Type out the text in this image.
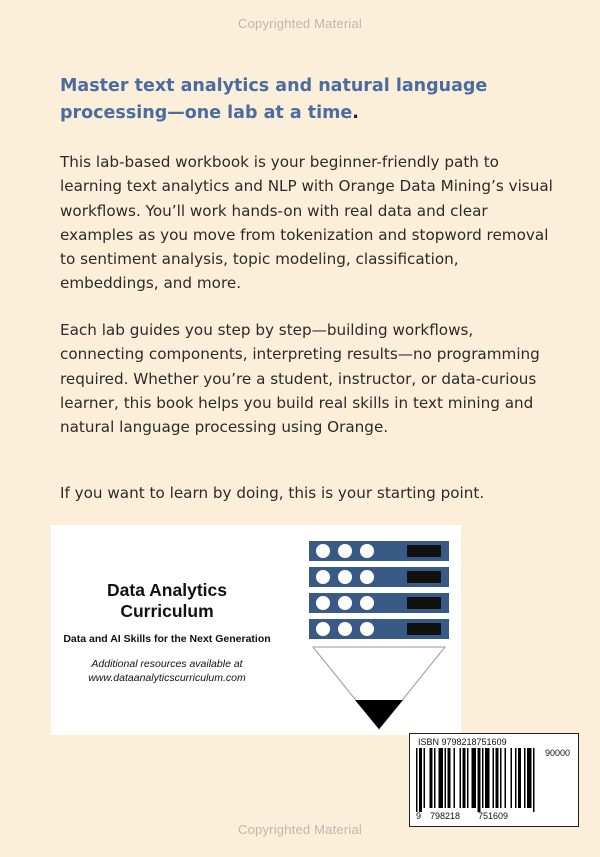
Copyrighted Material

Master text analytics and natural language processing—one lab at a time.

This lab-based workbook is your beginner-friendly path to learning text analytics and NLP with Orange Data Mining’s visual workflows. You’ll work hands-on with real data and clear examples as you move from tokenization and stopword removal to sentiment analysis, topic modeling, classification, embeddings, and more.

Each lab guides you step by step—building workflows, connecting components, interpreting results—no programming required. Whether you’re a student, instructor, or data-curious learner, this book helps you build real skills in text mining and natural language processing using Orange.

If you want to learn by doing, this is your starting point.

Data Analytics
Curriculum
Data and AI Skills for the Next Generation
Additional resources available at
www.dataanalyticscurriculum.com
ISBN 9798218751609
90000
9 798218 751609
Copyrighted Material
